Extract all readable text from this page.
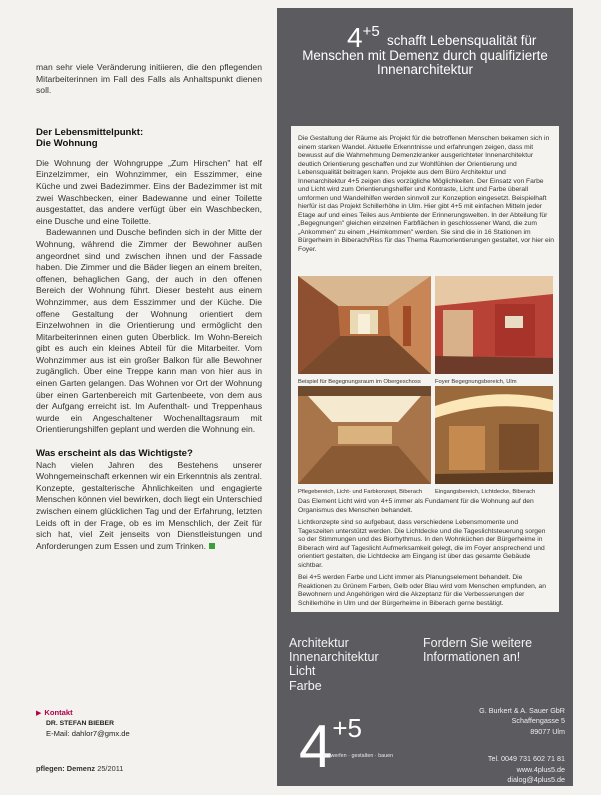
man sehr viele Veränderung initiieren, die den pflegenden Mitarbeiterinnen im Fall des Falls als Anhaltspunkt dienen soll.

Der Lebensmittelpunkt:
Die Wohnung

Die Wohnung der Wohngruppe „Zum Hirschen" hat elf Einzelzimmer, ein Wohnzimmer, ein Esszimmer, eine Küche und zwei Badezimmer. Eins der Badezimmer ist mit zwei Waschbecken, einer Badewanne und einer Toilette ausgestattet, das andere verfügt über ein Waschbecken, eine Dusche und eine Toilette.

Badewannen und Dusche befinden sich in der Mitte der Wohnung, während die Zimmer der Bewohner außen angeordnet sind und zwischen ihnen und der Fassade haben. Die Zimmer und die Bäder liegen an einem breiten, offenen, behaglichen Gang, der auch in den offenen Bereich der Wohnung führt. Dieser besteht aus einem Wohnzimmer, aus dem Esszimmer und der Küche. Die offene Gestaltung der Wohnung orientiert dem Einzelwohnen in die Orientierung und ermöglicht den Mitarbeiterinnen einen guten Überblick. Im Wohn-Bereich gibt es auch ein kleines Abteil für die Mitarbeiter. Vom Wohnzimmer aus ist ein großer Balkon für alle Bewohner zugänglich. Über eine Treppe kann man von hier aus in einen Garten gelangen. Das Wohnen vor Ort der Wohnung über einen Gartenbereich mit Gartenbeete, von dem aus der Aufgang erreicht ist. Im Aufenthalt- und Treppenhaus wurde ein Angeschaltener Wochenalltagsraum mit Orientierungshilfen geplant und werden die Wohnung ein.

Was erscheint als das Wichtigste?

Nach vielen Jahren des Bestehens unserer Wohngemeinschaft erkennen wir ein Erkenntnis als zentral. Konzepte, gestalterische Ähnlichkeiten und engagierte Menschen können viel bewirken, doch liegt ein Unterschied zwischen einem glücklichen Tag und der Erfahrung, letzten Leids oft in der Frage, ob es im Menschlich, der Zeit für sich hat, viel Zeit jenseits von Dienstleistungen und Anforderungen zum Essen und zum Trinken.

▶ Kontakt
DR. STEFAN BIEBER
E-Mail: dahlor7@gmx.de
pflegen: Demenz 25/2011
$4^{+5}$
schafft Lebensqualität für
Menschen mit Demenz durch qualifizierte
Innenarchitektur

Die Gestaltung der Räume als Projekt für die betroffenen Menschen bekamen sich in einem starken Wandel. Aktuelle Erkenntnisse und erfahrungen zeigen, dass mit bewusst auf die Wahrnehmung Demenzkranker ausgerichteter Innenarchitektur deutlich Orientierung geschaffen und zur Wohlfühlen der Orientierung und Lebensqualität beitragen kann. Projekte aus dem Büro Architektur und Innenarchitektur 4+5 zeigen dies vorzügliche Möglichkeiten. Der Einsatz von Farbe und Licht wird zum Orientierungshelfer und Kontraste, Licht und Farbe überall umformen und Wandelhilfen werden sinnvoll zur Konzeption eingesetzt. Beispielhaft hierfür ist das Projekt Schillerhöhe in Ulm. Hier gibt 4+5 mit einfachen Mitteln jeder Etage auf und eines Teiles aus Ambiente der Erinnerungswelten. In der Abteilung für „Begegnungen" gleichen einzelnen Farbflächen in geschlossener Wand, die zum „Ankommen" zu einem „Heimkommen" werden. Sie sind die in 16 Stationen im Bürgerheim in Biberach/Riss für das Thema Raumorientierungen gestaltet, vor hier ein Foyer.

Beispiel für Begegnungsraum im Obergeschoss Foyer Begegnungsbereich, Ulm
Pflegebereich, Licht- und Farbkonzept, Biberach Eingangsbereich, Lichtdecke, Biberach

Das Element Licht wird von 4+5 immer als Fundament für die Wohnung auf den Organismus des Menschen behandelt.

Lichtkonzepte sind so aufgebaut, dass verschiedene Lebensmomente und Tageszeiten unterstützt werden. Die Lichtdecke und die Tageslichtsteuerung sorgen so der Stimmungen und des Biorhythmus. In den Wohnküchen der Bürgerheime in Biberach wird auf Tageslicht Aufmerksamkeit gelegt, die im Foyer ansprechend und orientiert gestalten, die Lichtdecke am Eingang ist über das gesamte Gebäude sichtbar.

Bei 4+5 werden Farbe und Licht immer als Planungselement behandelt. Die Reaktionen zu Grünem Farben, Gelb oder Blau wird vom Menschen empfunden, an Bewohnern und Angehörigen wird die Akzeptanz für die Verbesserungen der Schillerhöhe in Ulm und der Bürgerheime in Biberach gerne bestätigt.

Architektur
Innenarchitektur
Licht
Farbe
Fordern Sie weitere
Informationen an!
$4^{+5}$
entwerfen · gestalten · bauen
G. Burkert & A. Sauer GbR
Schaffengasse 5
89077 Ulm
Tel. 0049 731 602 71 81
www.4plus5.de
dialog@4plus5.de
